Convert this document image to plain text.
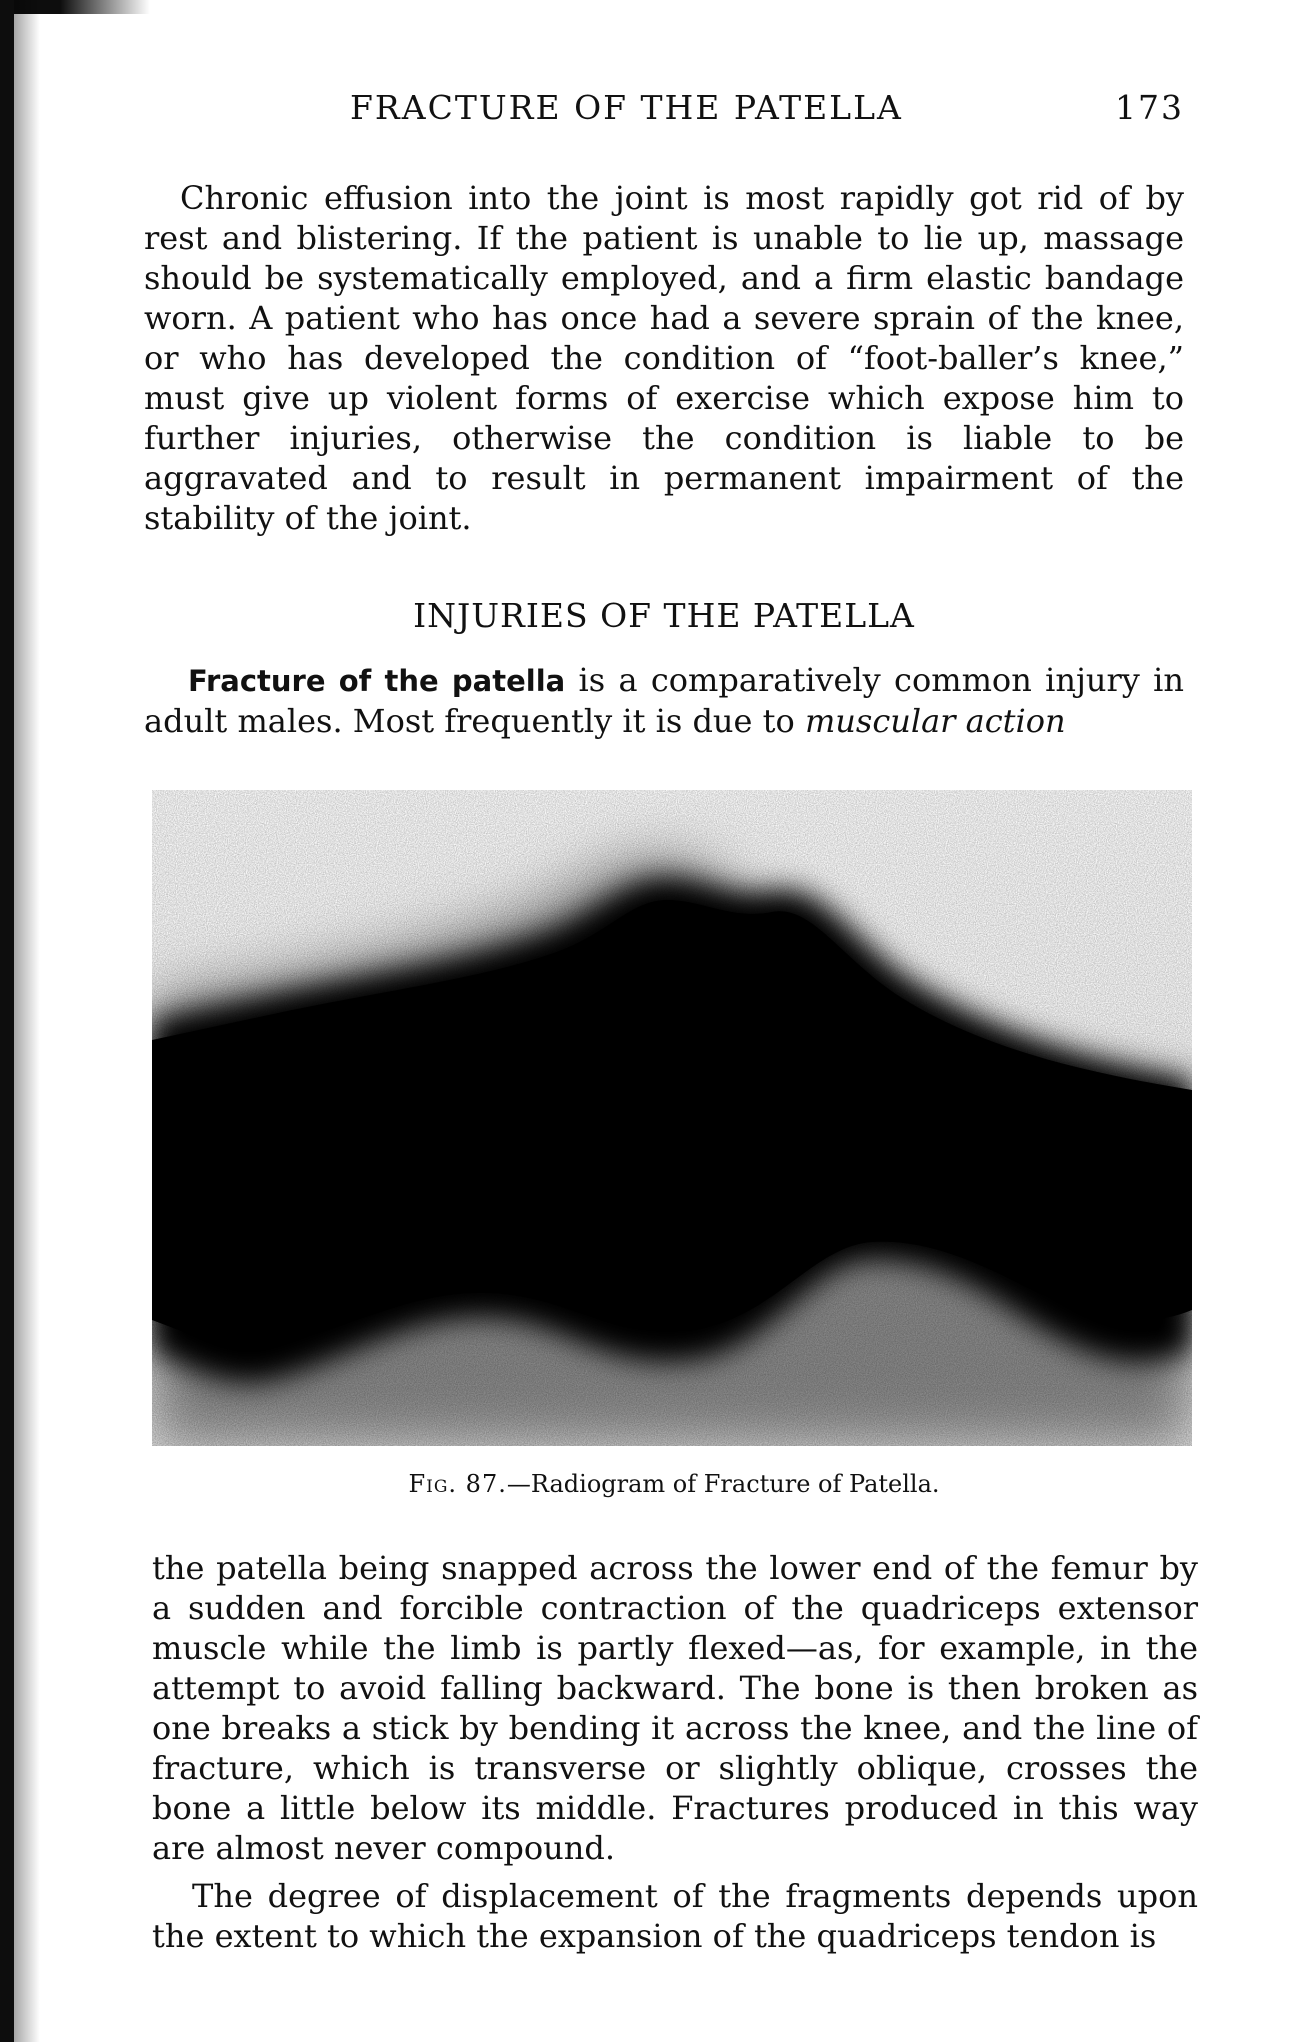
FRACTURE OF THE PATELLA	173

Chronic effusion into the joint is most rapidly got rid of by rest and blistering. If the patient is unable to lie up, massage should be systematically employed, and a firm elastic bandage worn. A patient who has once had a severe sprain of the knee, or who has developed the condition of “foot-baller’s knee,” must give up violent forms of exercise which expose him to further injuries, otherwise the condition is liable to be aggravated and to result in permanent impairment of the stability of the joint.

INJURIES OF THE PATELLA

Fracture of the patella is a comparatively common injury in adult males. Most frequently it is due to muscular action

Fig. 87.—Radiogram of Fracture of Patella.

the patella being snapped across the lower end of the femur by a sudden and forcible contraction of the quadriceps extensor muscle while the limb is partly flexed—as, for example, in the attempt to avoid falling backward. The bone is then broken as one breaks a stick by bending it across the knee, and the line of fracture, which is transverse or slightly oblique, crosses the bone a little below its middle. Fractures produced in this way are almost never compound.

The degree of displacement of the fragments depends upon the extent to which the expansion of the quadriceps tendon is
